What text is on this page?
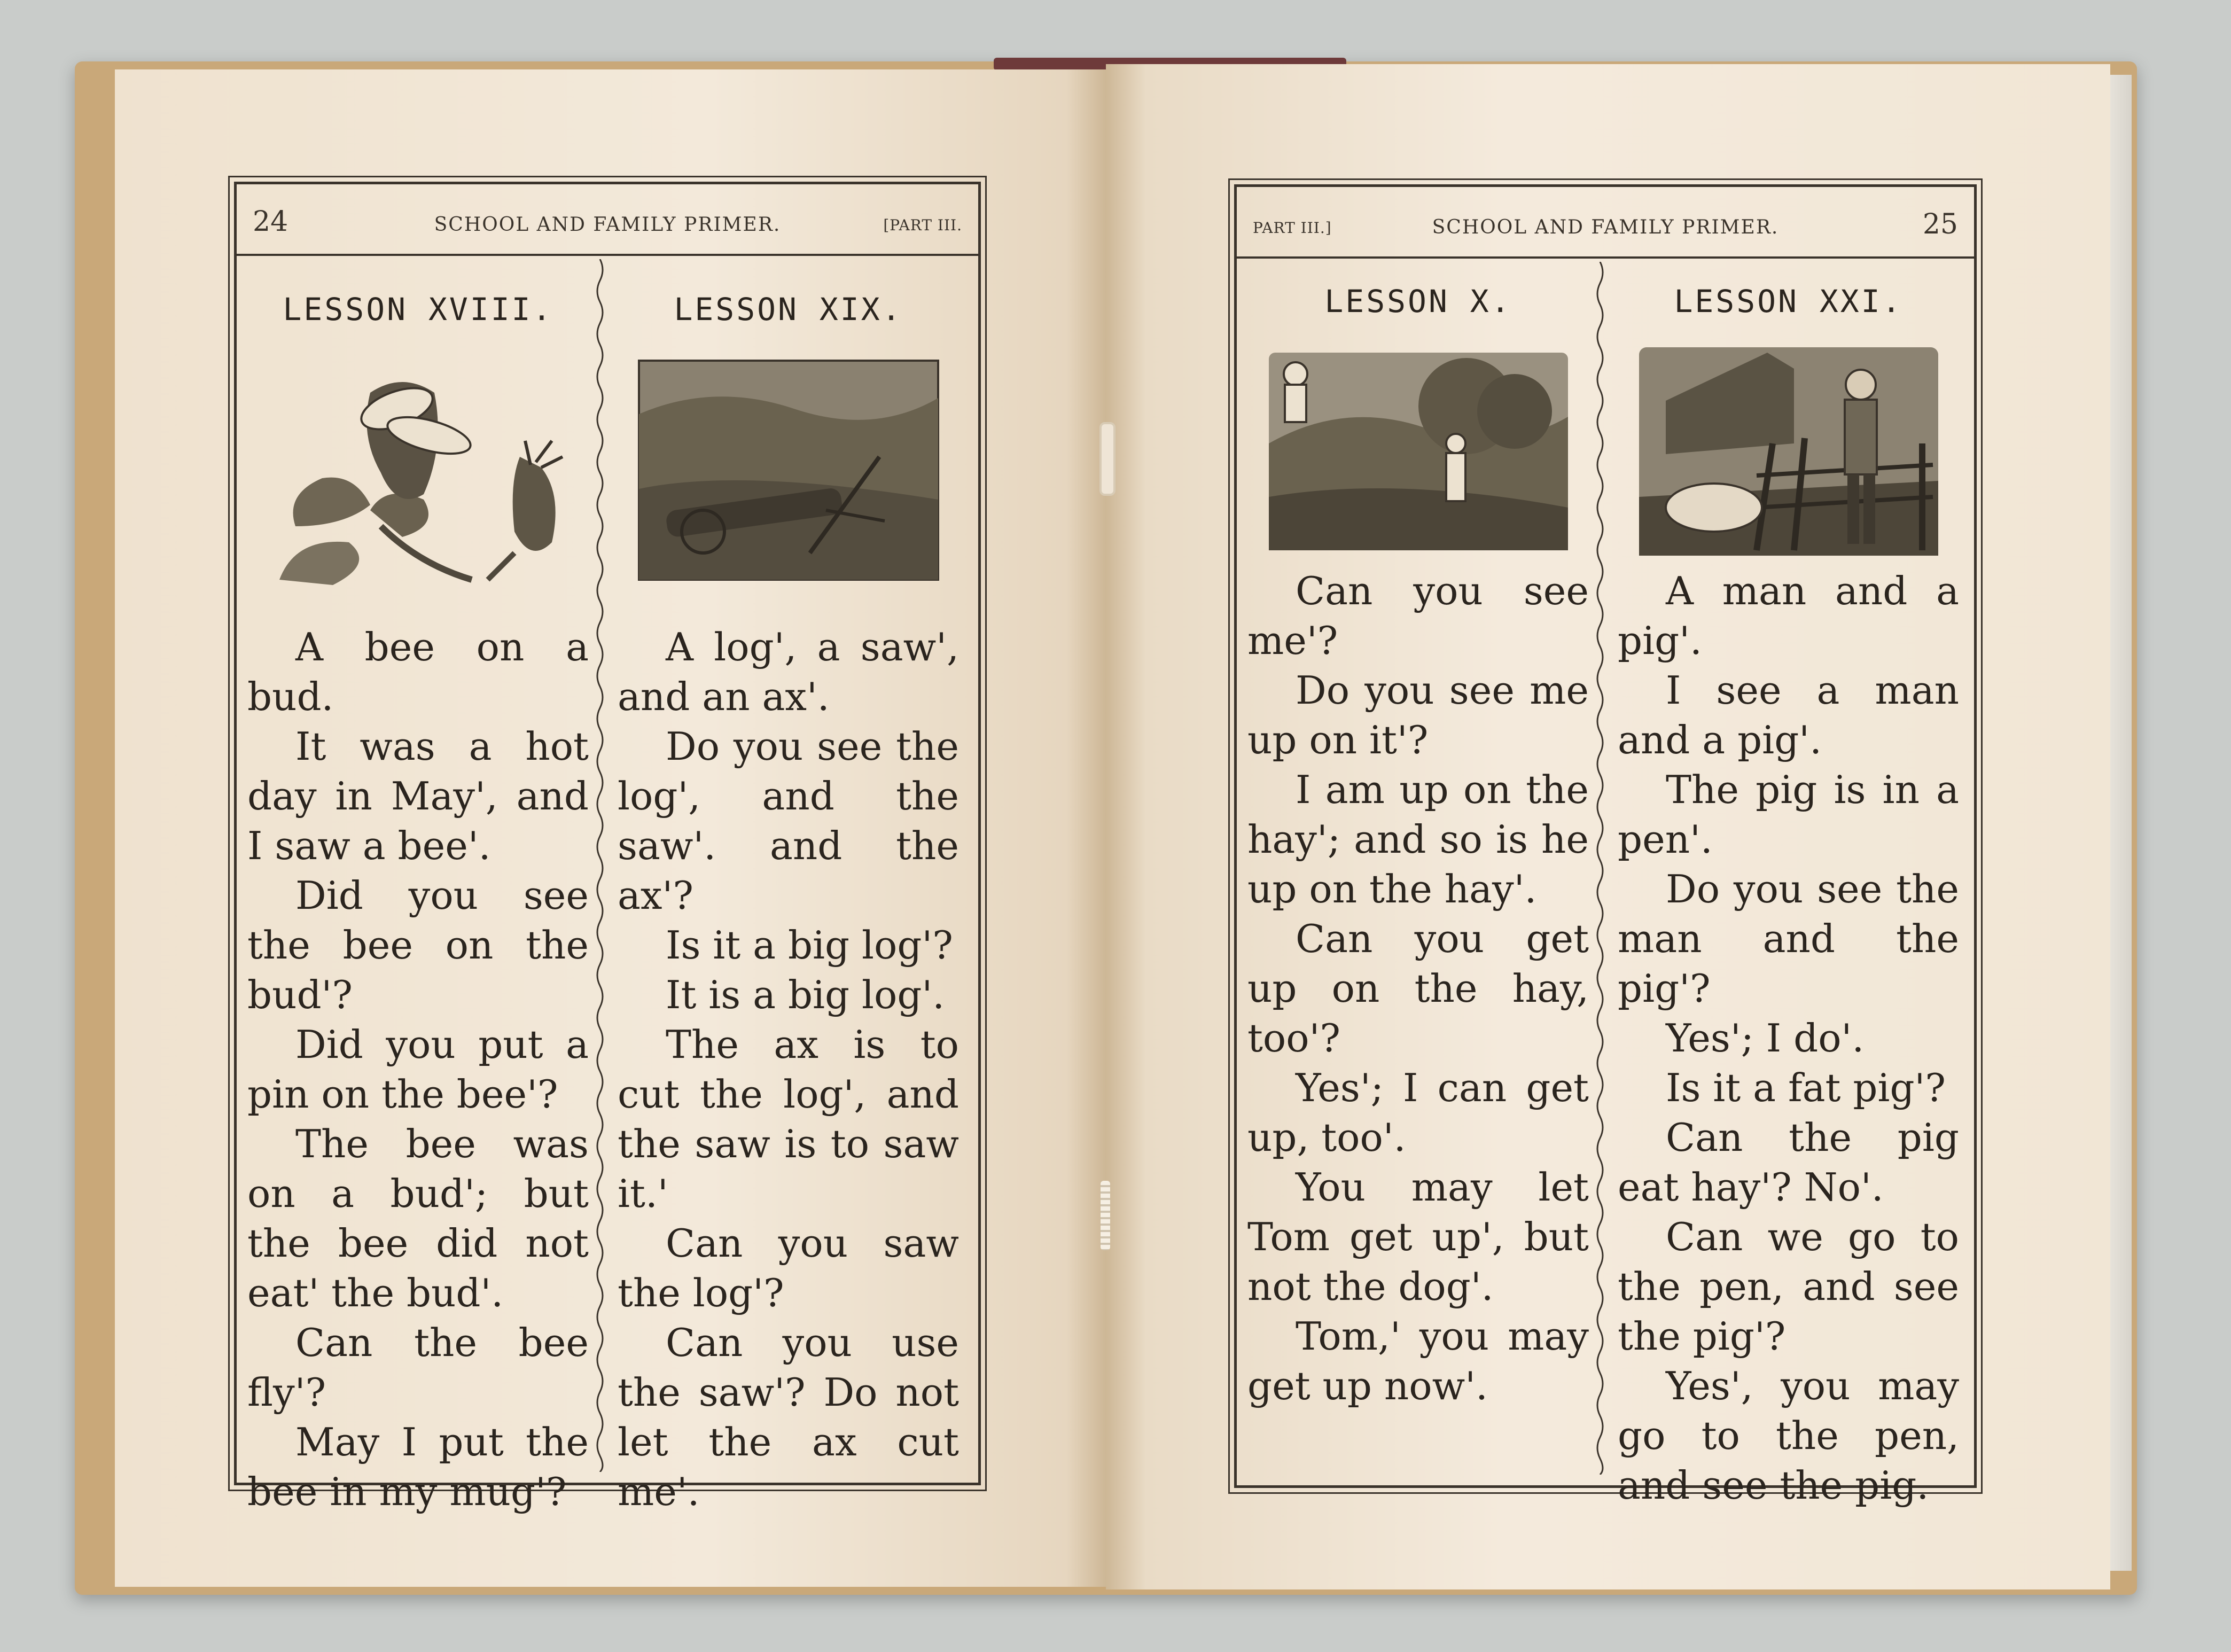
24	SCHOOL AND FAMILY PRIMER.	[PART III.
LESSON XVIII.

A bee on a bud.

It was a hot day in May', and I saw a bee'.

Did you see the bee on the bud'?

Did you put a pin on the bee'?

The bee was on a bud'; but the bee did not eat' the bud'.

Can the bee fly'?

May I put the bee in my mug'?

LESSON XIX.

A log', a saw', and an ax'.

Do you see the log', and the saw'. and the ax'?

Is it a big log'?

It is a big log'.

The ax is to cut the log', and the saw is to saw it.'

Can you saw the log'?

Can you use the saw'? Do not let the ax cut me'.

PART III.]	SCHOOL AND FAMILY PRIMER.	25
LESSON X.

Can you see me'?

Do you see me up on it'?

I am up on the hay'; and so is he up on the hay'.

Can you get up on the hay, too'?

Yes'; I can get up, too'.

You may let Tom get up', but not the dog'.

Tom,' you may get up now'.

LESSON XXI.

A man and a pig'.

I see a man and a pig'.

The pig is in a pen'.

Do you see the man and the pig'?

Yes'; I do'.

Is it a fat pig'?

Can the pig eat hay'? No'.

Can we go to the pen, and see the pig'?

Yes', you may go to the pen, and see the pig.
